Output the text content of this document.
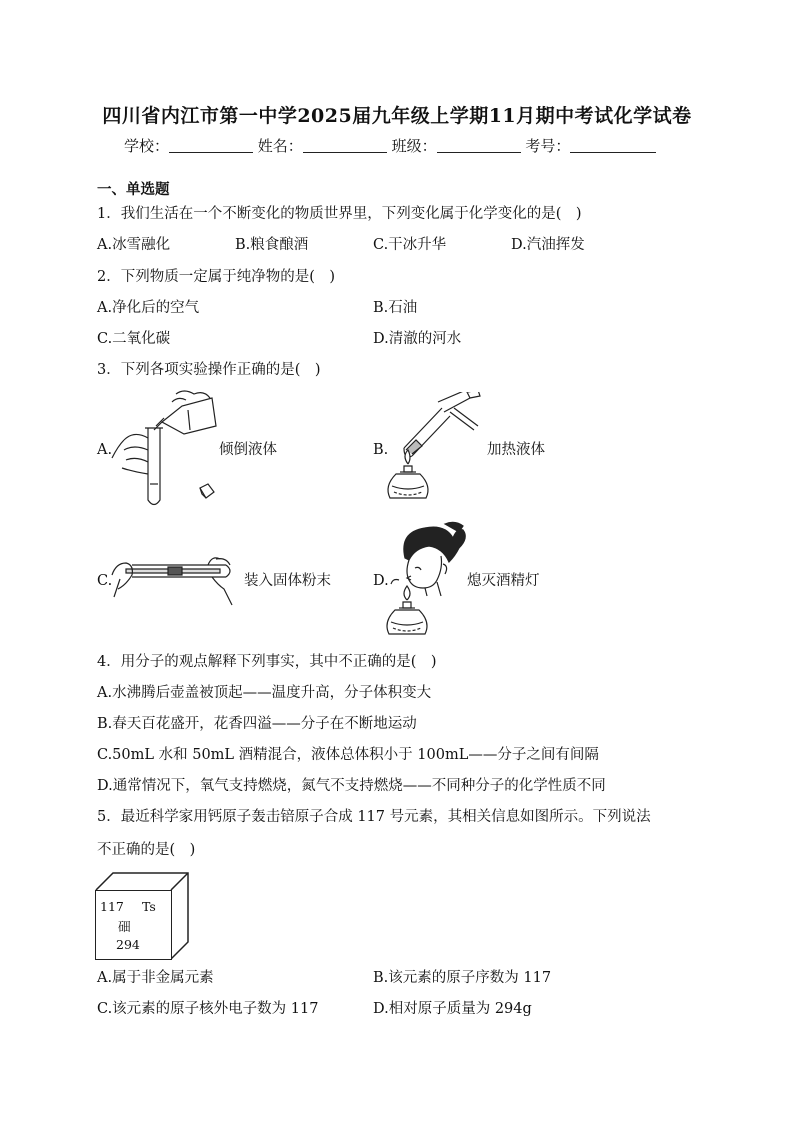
四川省内江市第一中学2025届九年级上学期11月期中考试化学试卷
学校：	姓名：	班级：	考号：
一、单选题
1．我们生活在一个不断变化的物质世界里，下列变化属于化学变化的是(　)
A.冰雪融化	B.粮食酿酒	C.干冰升华	D.汽油挥发
2．下列物质一定属于纯净物的是(　)
A.净化后的空气	B.石油
C.二氧化碳	D.清澈的河水
3．下列各项实验操作正确的是(　)
A.	倾倒液体	B.	加热液体
C.	装入固体粉末	D.	熄灭酒精灯
4．用分子的观点解释下列事实，其中不正确的是(　)
A.水沸腾后壶盖被顶起——温度升高，分子体积变大
B.春天百花盛开，花香四溢——分子在不断地运动
C.50mL 水和 50mL 酒精混合，液体总体积小于 100mL——分子之间有间隔
D.通常情况下，氧气支持燃烧，氮气不支持燃烧——不同种分子的化学性质不同
5．最近科学家用钙原子轰击锫原子合成 117 号元素，其相关信息如图所示。下列说法
不正确的是(　)
117 Ts
鿬
294
A.属于非金属元素	B.该元素的原子序数为 117
C.该元素的原子核外电子数为 117	D.相对原子质量为 294g
